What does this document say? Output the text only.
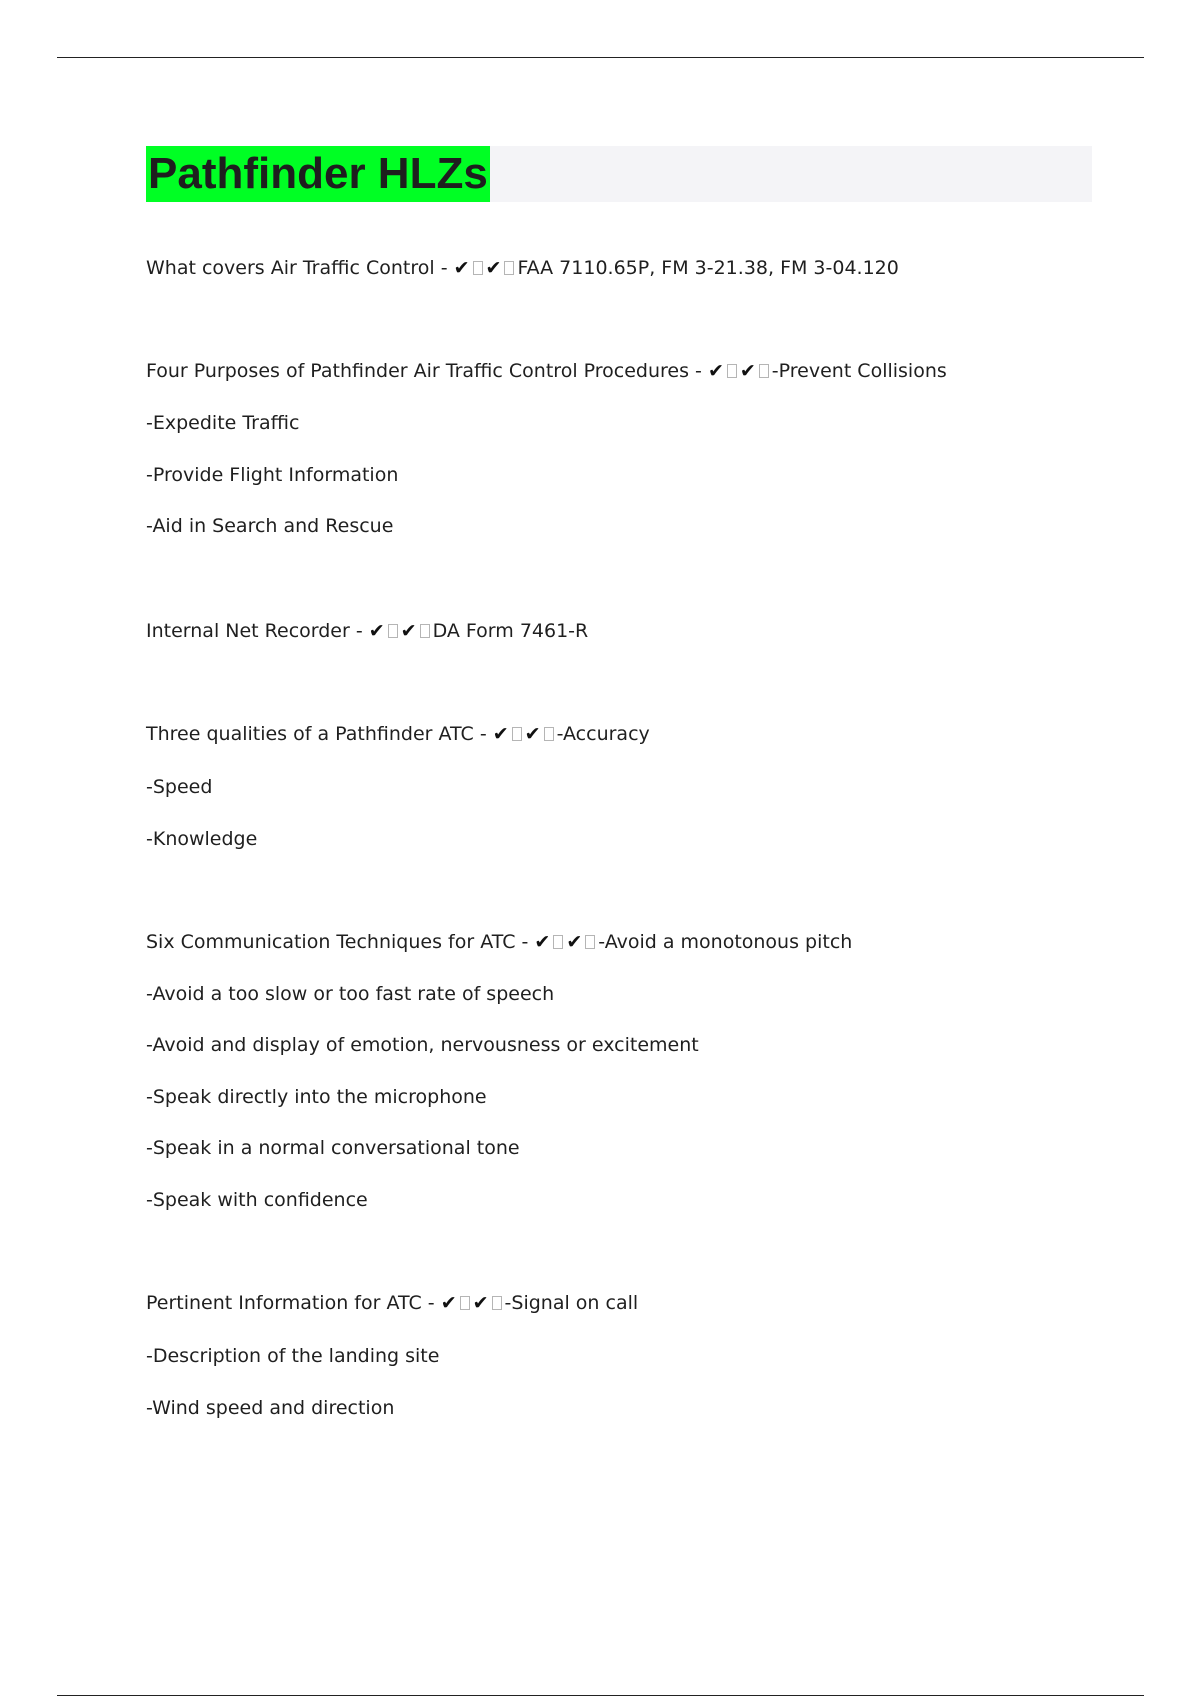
Pathfinder HLZs

What covers Air Traffic Control - ✔ ✔ FAA 7110.65P, FM 3-21.38, FM 3-04.120

Four Purposes of Pathfinder Air Traffic Control Procedures - ✔ ✔ -Prevent Collisions

-Expedite Traffic

-Provide Flight Information

-Aid in Search and Rescue

Internal Net Recorder - ✔ ✔ DA Form 7461-R

Three qualities of a Pathfinder ATC - ✔ ✔ -Accuracy

-Speed

-Knowledge

Six Communication Techniques for ATC - ✔ ✔ -Avoid a monotonous pitch

-Avoid a too slow or too fast rate of speech

-Avoid and display of emotion, nervousness or excitement

-Speak directly into the microphone

-Speak in a normal conversational tone

-Speak with confidence

Pertinent Information for ATC - ✔ ✔ -Signal on call

-Description of the landing site

-Wind speed and direction
